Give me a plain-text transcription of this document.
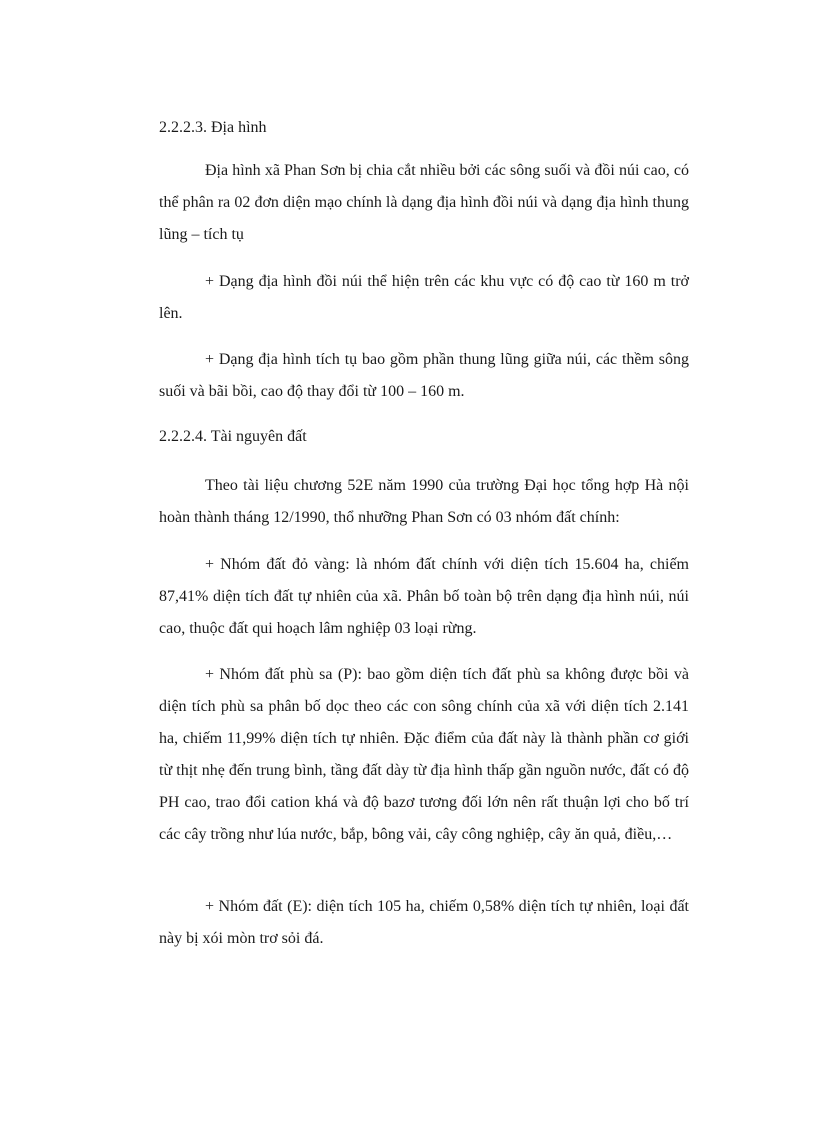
2.2.2.3. Địa hình

Địa hình xã Phan Sơn bị chia cắt nhiều bởi các sông suối và đồi núi cao, có thể phân ra 02 đơn diện mạo chính là dạng địa hình đồi núi và dạng địa hình thung lũng – tích tụ

+ Dạng địa hình đồi núi thể hiện trên các khu vực có độ cao từ 160 m trở lên.

+ Dạng địa hình tích tụ bao gồm phần thung lũng giữa núi, các thềm sông suối và bãi bồi, cao độ thay đổi từ 100 – 160 m.

2.2.2.4. Tài nguyên đất

Theo tài liệu chương 52E năm 1990 của trường Đại học tổng hợp Hà nội hoàn thành tháng 12/1990, thổ nhưỡng Phan Sơn có 03 nhóm đất chính:

+ Nhóm đất đỏ vàng: là nhóm đất chính với diện tích 15.604 ha, chiếm 87,41% diện tích đất tự nhiên của xã. Phân bố toàn bộ trên dạng địa hình núi, núi cao, thuộc đất qui hoạch lâm nghiệp 03 loại rừng.

+ Nhóm đất phù sa (P): bao gồm diện tích đất phù sa không được bồi và diện tích phù sa phân bố dọc theo các con sông chính của xã với diện tích 2.141 ha, chiếm 11,99% diện tích tự nhiên. Đặc điểm của đất này là thành phần cơ giới từ thịt nhẹ đến trung bình, tầng đất dày từ địa hình thấp gần nguồn nước, đất có độ PH cao, trao đổi cation khá và độ bazơ tương đối lớn nên rất thuận lợi cho bố trí các cây trồng như lúa nước, bắp, bông vải, cây công nghiệp, cây ăn quả, điều,…

+ Nhóm đất (E): diện tích 105 ha, chiếm 0,58% diện tích tự nhiên, loại đất này bị xói mòn trơ sỏi đá.
